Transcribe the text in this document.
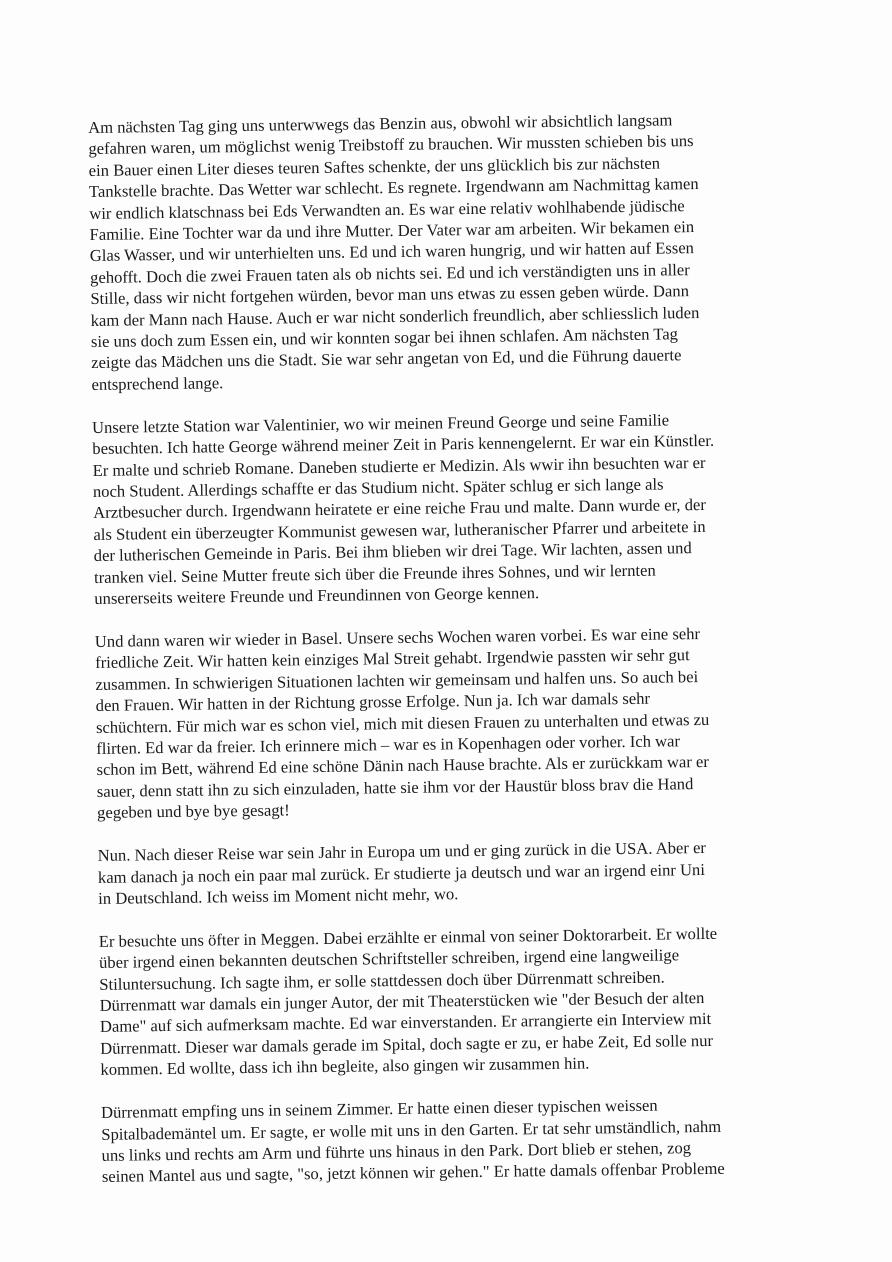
Am nächsten Tag ging uns unterwwegs das Benzin aus, obwohl wir absichtlich langsam
gefahren waren, um möglichst wenig Treibstoff zu brauchen. Wir mussten schieben bis uns
ein Bauer einen Liter dieses teuren Saftes schenkte, der uns glücklich bis zur nächsten
Tankstelle brachte. Das Wetter war schlecht. Es regnete. Irgendwann am Nachmittag kamen
wir endlich klatschnass bei Eds Verwandten an. Es war eine relativ wohlhabende jüdische
Familie. Eine Tochter war da und ihre Mutter. Der Vater war am arbeiten. Wir bekamen ein
Glas Wasser, und wir unterhielten uns. Ed und ich waren hungrig, und wir hatten auf Essen
gehofft. Doch die zwei Frauen taten als ob nichts sei. Ed und ich verständigten uns in aller
Stille, dass wir nicht fortgehen würden, bevor man uns etwas zu essen geben würde. Dann
kam der Mann nach Hause. Auch er war nicht sonderlich freundlich, aber schliesslich luden
sie uns doch zum Essen ein, und wir konnten sogar bei ihnen schlafen. Am nächsten Tag
zeigte das Mädchen uns die Stadt. Sie war sehr angetan von Ed, und die Führung dauerte
entsprechend lange.
Unsere letzte Station war Valentinier, wo wir meinen Freund George und seine Familie
besuchten. Ich hatte George während meiner Zeit in Paris kennengelernt. Er war ein Künstler.
Er malte und schrieb Romane. Daneben studierte er Medizin. Als wwir ihn besuchten war er
noch Student. Allerdings schaffte er das Studium nicht. Später schlug er sich lange als
Arztbesucher durch. Irgendwann heiratete er eine reiche Frau und malte. Dann wurde er, der
als Student ein überzeugter Kommunist gewesen war, lutheranischer Pfarrer und arbeitete in
der lutherischen Gemeinde in Paris. Bei ihm blieben wir drei Tage. Wir lachten, assen und
tranken viel. Seine Mutter freute sich über die Freunde ihres Sohnes, und wir lernten
unsererseits weitere Freunde und Freundinnen von George kennen.
Und dann waren wir wieder in Basel. Unsere sechs Wochen waren vorbei. Es war eine sehr
friedliche Zeit. Wir hatten kein einziges Mal Streit gehabt. Irgendwie passten wir sehr gut
zusammen. In schwierigen Situationen lachten wir gemeinsam und halfen uns. So auch bei
den Frauen. Wir hatten in der Richtung grosse Erfolge. Nun ja. Ich war damals sehr
schüchtern. Für mich war es schon viel, mich mit diesen Frauen zu unterhalten und etwas zu
flirten. Ed war da freier. Ich erinnere mich – war es in Kopenhagen oder vorher. Ich war
schon im Bett, während Ed eine schöne Dänin nach Hause brachte. Als er zurückkam war er
sauer, denn statt ihn zu sich einzuladen, hatte sie ihm vor der Haustür bloss brav die Hand
gegeben und bye bye gesagt!
Nun. Nach dieser Reise war sein Jahr in Europa um und er ging zurück in die USA. Aber er
kam danach ja noch ein paar mal zurück. Er studierte ja deutsch und war an irgend einr Uni
in Deutschland. Ich weiss im Moment nicht mehr, wo.
Er besuchte uns öfter in Meggen. Dabei erzählte er einmal von seiner Doktorarbeit. Er wollte
über irgend einen bekannten deutschen Schriftsteller schreiben, irgend eine langweilige
Stiluntersuchung. Ich sagte ihm, er solle stattdessen doch über Dürrenmatt schreiben.
Dürrenmatt war damals ein junger Autor, der mit Theaterstücken wie "der Besuch der alten
Dame" auf sich aufmerksam machte. Ed war einverstanden. Er arrangierte ein Interview mit
Dürrenmatt. Dieser war damals gerade im Spital, doch sagte er zu, er habe Zeit, Ed solle nur
kommen. Ed wollte, dass ich ihn begleite, also gingen wir zusammen hin.
Dürrenmatt empfing uns in seinem Zimmer. Er hatte einen dieser typischen weissen
Spitalbademäntel um. Er sagte, er wolle mit uns in den Garten. Er tat sehr umständlich, nahm
uns links und rechts am Arm und führte uns hinaus in den Park. Dort blieb er stehen, zog
seinen Mantel aus und sagte, "so, jetzt können wir gehen." Er hatte damals offenbar Probleme
